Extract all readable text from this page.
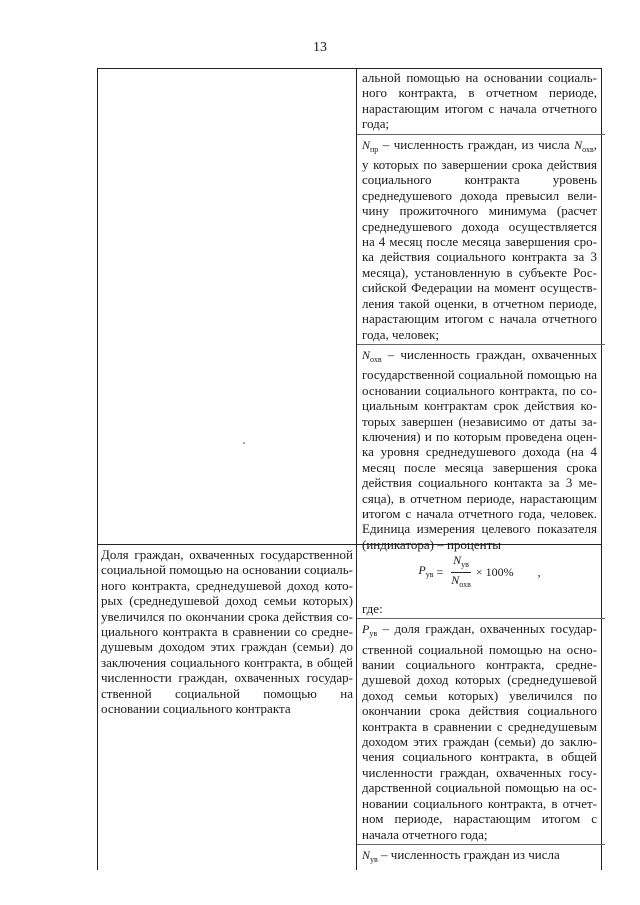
13

альной помощью на основании социаль-ного контракта, в отчетном периоде, нарастающим итогом с начала отчетного года;

$N_{пр}$ – численность граждан, из числа $N_{охв}$, у которых по завершении срока действия социального контракта уровень среднедушевого дохода превысил вели-чину прожиточного минимума (расчет среднедушевого дохода осуществляется на 4 месяц после месяца завершения сро-ка действия социального контракта за 3 месяца), установленную в субъекте Рос-сийской Федерации на момент осуществ-ления такой оценки, в отчетном периоде, нарастающим итогом с начала отчетного года, человек;

$N_{охв}$ – численность граждан, охваченных государственной социальной помощью на основании социального контракта, по со-циальным контрактам срок действия ко-торых завершен (независимо от даты за-ключения) и по которым проведена оцен-ка уровня среднедушевого дохода (на 4 месяц после месяца завершения срока действия социального контакта за 3 ме-сяца), в отчетном периоде, нарастающим итогом с начала отчетного года, человек. Единица измерения целевого показателя (индикатора) – проценты

Доля граждан, охваченных государственной социальной помощью на основании социаль-ного контракта, среднедушевой доход кото-рых (среднедушевой доход семьи которых) увеличился по окончании срока действия со-циального контракта в сравнении со средне-душевым доходом этих граждан (семьи) до заключения социального контракта, в общей численности граждан, охваченных государ-ственной социальной помощью на основании социального контракта
$P_{ув} = \frac{N_{ув}}{N_{охв}} \times 100\%$ ,

где:

$P_{ув}$ – доля граждан, охваченных государ-ственной социальной помощью на осно-вании социального контракта, средне-душевой доход которых (среднедушевой доход семьи которых) увеличился по окончании срока действия социального контракта в сравнении с среднедушевым доходом этих граждан (семьи) до заклю-чения социального контракта, в общей численности граждан, охваченных госу-дарственной социальной помощью на ос-новании социального контракта, в отчет-ном периоде, нарастающим итогом с начала отчетного года;

$N_{ув}$ – численность граждан из числа
